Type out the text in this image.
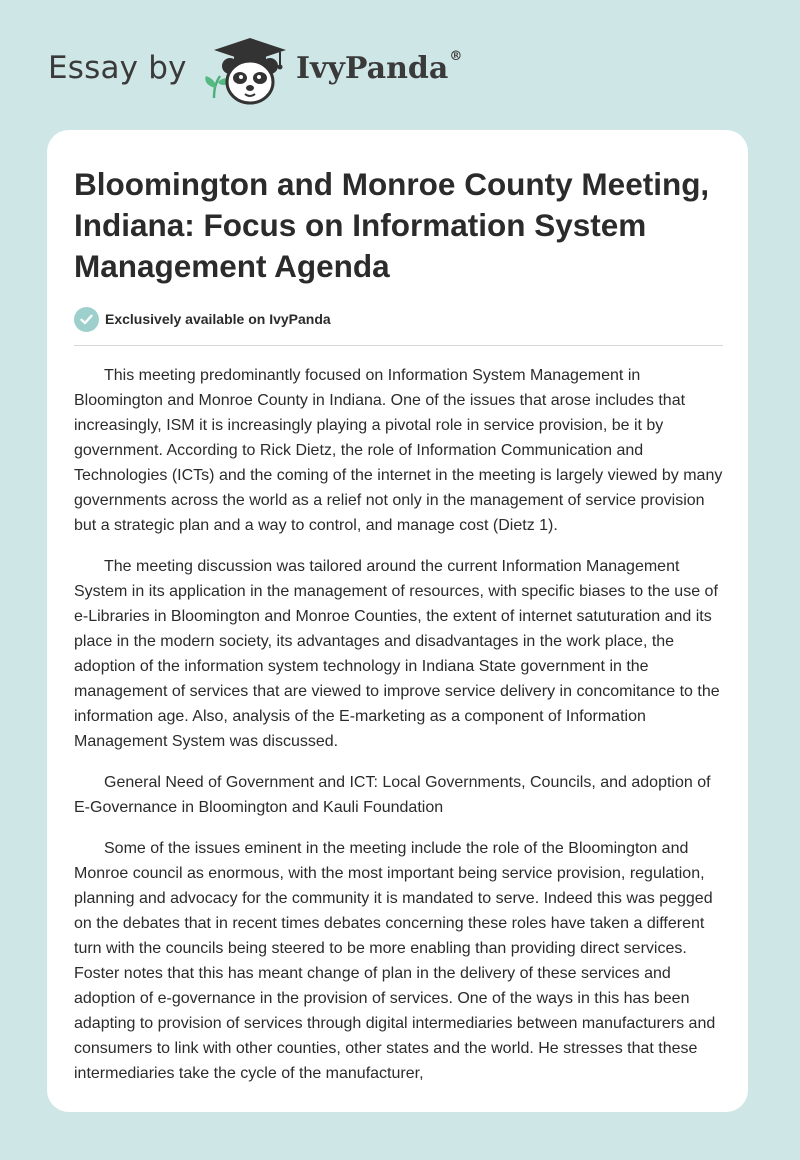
Essay by	IvyPanda®
Bloomington and Monroe County Meeting, Indiana: Focus on Information System Management Agenda
Exclusively available on IvyPanda

This meeting predominantly focused on Information System Management in Bloomington and Monroe County in Indiana. One of the issues that arose includes that increasingly, ISM it is increasingly playing a pivotal role in service provision, be it by government. According to Rick Dietz, the role of Information Communication and Technologies (ICTs) and the coming of the internet in the meeting is largely viewed by many governments across the world as a relief not only in the management of service provision but a strategic plan and a way to control, and manage cost (Dietz 1).

The meeting discussion was tailored around the current Information Management System in its application in the management of resources, with specific biases to the use of e-Libraries in Bloomington and Monroe Counties, the extent of internet satuturation and its place in the modern society, its advantages and disadvantages in the work place, the adoption of the information system technology in Indiana State government in the management of services that are viewed to improve service delivery in concomitance to the information age. Also, analysis of the E-marketing as a component of Information Management System was discussed.

General Need of Government and ICT: Local Governments, Councils, and adoption of E-Governance in Bloomington and Kauli Foundation

Some of the issues eminent in the meeting include the role of the Bloomington and Monroe council as enormous, with the most important being service provision, regulation, planning and advocacy for the community it is mandated to serve. Indeed this was pegged on the debates that in recent times debates concerning these roles have taken a different turn with the councils being steered to be more enabling than providing direct services. Foster notes that this has meant change of plan in the delivery of these services and adoption of e-governance in the provision of services. One of the ways in this has been adapting to provision of services through digital intermediaries between manufacturers and consumers to link with other counties, other states and the world. He stresses that these intermediaries take the cycle of the manufacturer,
